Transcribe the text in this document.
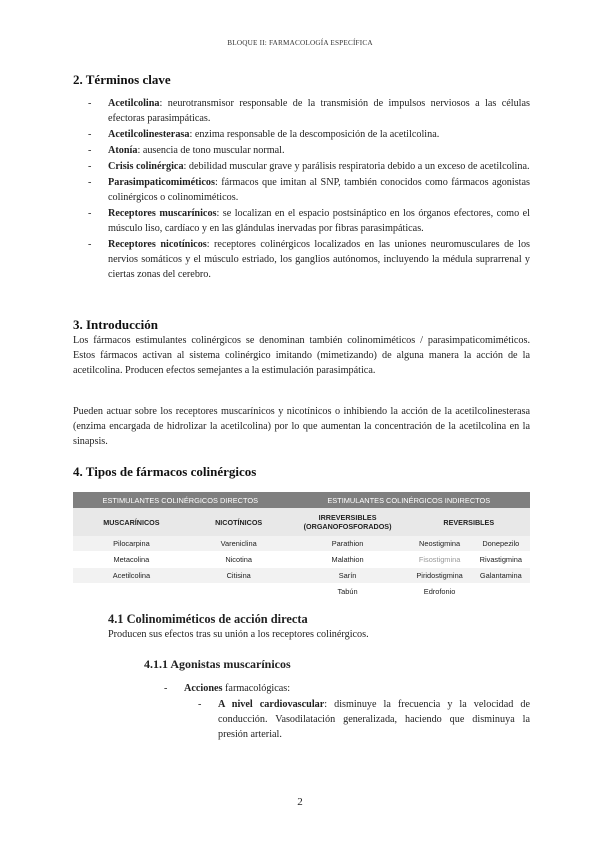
BLOQUE II: FARMACOLOGÍA ESPECÍFICA
2. Términos clave
- Acetilcolina: neurotransmisor responsable de la transmisión de impulsos nerviosos a las células efectoras parasimpáticas.
- Acetilcolinesterasa: enzima responsable de la descomposición de la acetilcolina.
- Atonía: ausencia de tono muscular normal.
- Crisis colinérgica: debilidad muscular grave y parálisis respiratoria debido a un exceso de acetilcolina.
- Parasimpaticomiméticos: fármacos que imitan al SNP, también conocidos como fármacos agonistas colinérgicos o colinomiméticos.
- Receptores muscarínicos: se localizan en el espacio postsináptico en los órganos efectores, como el músculo liso, cardíaco y en las glándulas inervadas por fibras parasimpáticas.
- Receptores nicotínicos: receptores colinérgicos localizados en las uniones neuromusculares de los nervios somáticos y el músculo estriado, los ganglios autónomos, incluyendo la médula suprarrenal y ciertas zonas del cerebro.
3. Introducción
Los fármacos estimulantes colinérgicos se denominan también colinomiméticos / parasimpaticomiméticos. Estos fármacos activan al sistema colinérgico imitando (mimetizando) de alguna manera la acción de la acetilcolina. Producen efectos semejantes a la estimulación parasimpática.
Pueden actuar sobre los receptores muscarínicos y nicotínicos o inhibiendo la acción de la acetilcolinesterasa (enzima encargada de hidrolizar la acetilcolina) por lo que aumentan la concentración de la acetilcolina en la sinapsis.
4. Tipos de fármacos colinérgicos
ESTIMULANTES COLINÉRGICOS DIRECTOS		ESTIMULANTES COLINÉRGICOS INDIRECTOS		
MUSCARÍNICOS	NICOTÍNICOS	IRREVERSIBLES (ORGANOFOSFORADOS)	REVERSIBLES	
Pilocarpina	Vareniclina	Parathion	Neostigmina	Donepezilo
Metacolina	Nicotina	Malathion	Fisostigmina	Rivastigmina
Acetilcolina	Citisina	Sarín	Piridostigmina	Galantamina
		Tabún	Edrofonio	
4.1 Colinomiméticos de acción directa
Producen sus efectos tras su unión a los receptores colinérgicos.
4.1.1 Agonistas muscarínicos
- Acciones farmacológicas:
- A nivel cardiovascular: disminuye la frecuencia y la velocidad de conducción. Vasodilatación generalizada, haciendo que disminuya la presión arterial.
2
